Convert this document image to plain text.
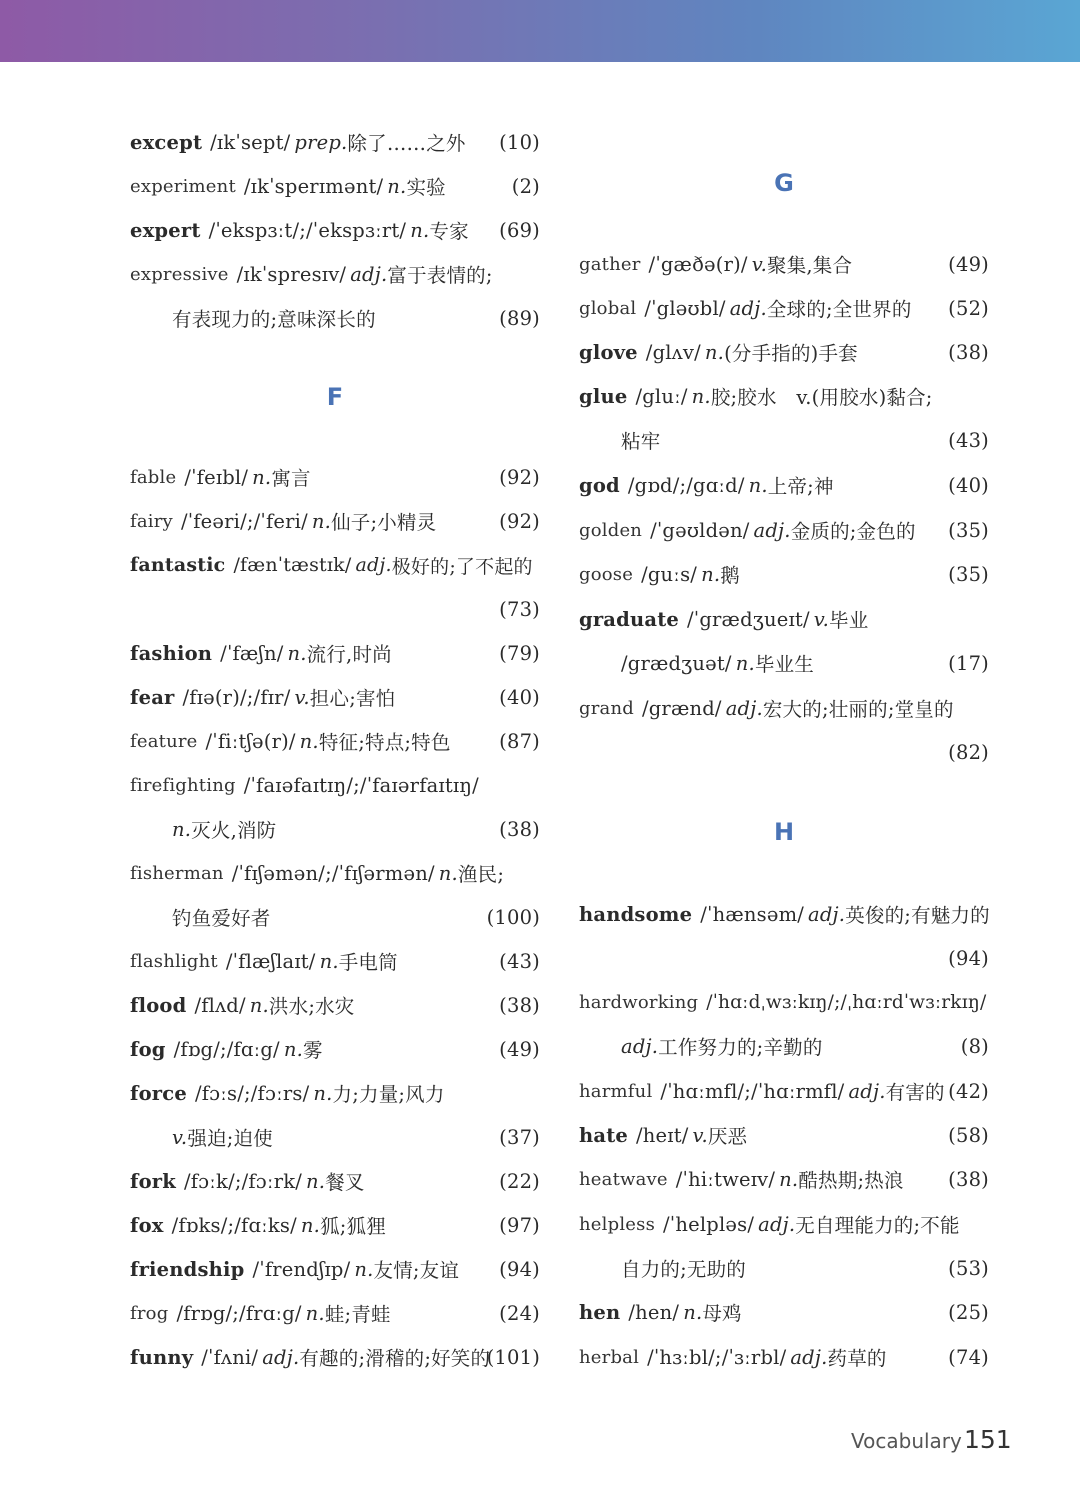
F
except /ɪkˈsept/ prep. 除了……之外 (10)
experiment /ɪkˈsperɪmənt/ n. 实验	(2)
expert /ˈekspɜːt/;/ˈekspɜːrt/ n. 专家 (69)
expressive /ɪkˈspresɪv/ adj. 富于表情的;
有表现力的;意味深长的	(89)
fable /ˈfeɪbl/ n. 寓言	(92)
fairy /ˈfeəri/;/ˈferi/ n. 仙子;小精灵	(92)
fantastic /fænˈtæstɪk/ adj. 极好的;了不起的
(73)
fashion /ˈfæʃn/ n. 流行,时尚	(79)
fear /fɪə(r)/;/fɪr/ v. 担心;害怕	(40)
feature /ˈfiːtʃə(r)/ n. 特征;特点;特色 (87)
firefighting /ˈfaɪəfaɪtɪŋ/;/ˈfaɪərfaɪtɪŋ/
n. 灭火,消防	(38)
fisherman /ˈfɪʃəmən/;/ˈfɪʃərmən/ n. 渔民;
钓鱼爱好者	(100)
flashlight /ˈflæʃlaɪt/ n. 手电筒	(43)
flood /flʌd/ n. 洪水;水灾	(38)
fog /fɒg/;/fɑːg/ n. 雾	(49)
force /fɔːs/;/fɔːrs/ n. 力;力量;风力
v. 强迫;迫使	(37)
fork /fɔːk/;/fɔːrk/ n. 餐叉	(22)
fox /fɒks/;/fɑːks/ n. 狐;狐狸	(97)
friendship /ˈfrendʃɪp/ n. 友情;友谊 (94)
frog /frɒg/;/frɑːg/ n. 蛙;青蛙	(24)
funny /ˈfʌni/ adj. 有趣的;滑稽的;好笑的
(101)
G
H
gather /ˈgæðə(r)/ v. 聚集,集合	(49)
global /ˈgləʊbl/ adj. 全球的;全世界的 (52)
glove /glʌv/ n. (分手指的)手套	(38)
glue /gluː/ n. 胶;胶水　v.(用胶水)黏合;
粘牢	(43)
god /gɒd/;/gɑːd/ n. 上帝;神	(40)
golden /ˈgəʊldən/ adj. 金质的;金色的 (35)
goose /guːs/ n. 鹅	(35)
graduate /ˈgrædʒueɪt/ v. 毕业
/grædʒuət/ n. 毕业生	(17)
grand /grænd/ adj. 宏大的;壮丽的;堂皇的
(82)
handsome /ˈhænsəm/ adj. 英俊的;有魅力的
(94)
hardworking /ˈhɑːdˌwɜːkɪŋ/;/ˌhɑːrdˈwɜːrkɪŋ/
adj. 工作努力的;辛勤的	(8)
harmful /ˈhɑːmfl/;/ˈhɑːrmfl/ adj. 有害的 (42)
hate /heɪt/ v. 厌恶	(58)
heatwave /ˈhiːtweɪv/ n. 酷热期;热浪 (38)
helpless /ˈhelpləs/ adj. 无自理能力的;不能
自力的;无助的	(53)
hen /hen/ n. 母鸡	(25)
herbal /ˈhɜːbl/;/ˈɜːrbl/ adj. 药草的	(74)
Vocabulary 151
